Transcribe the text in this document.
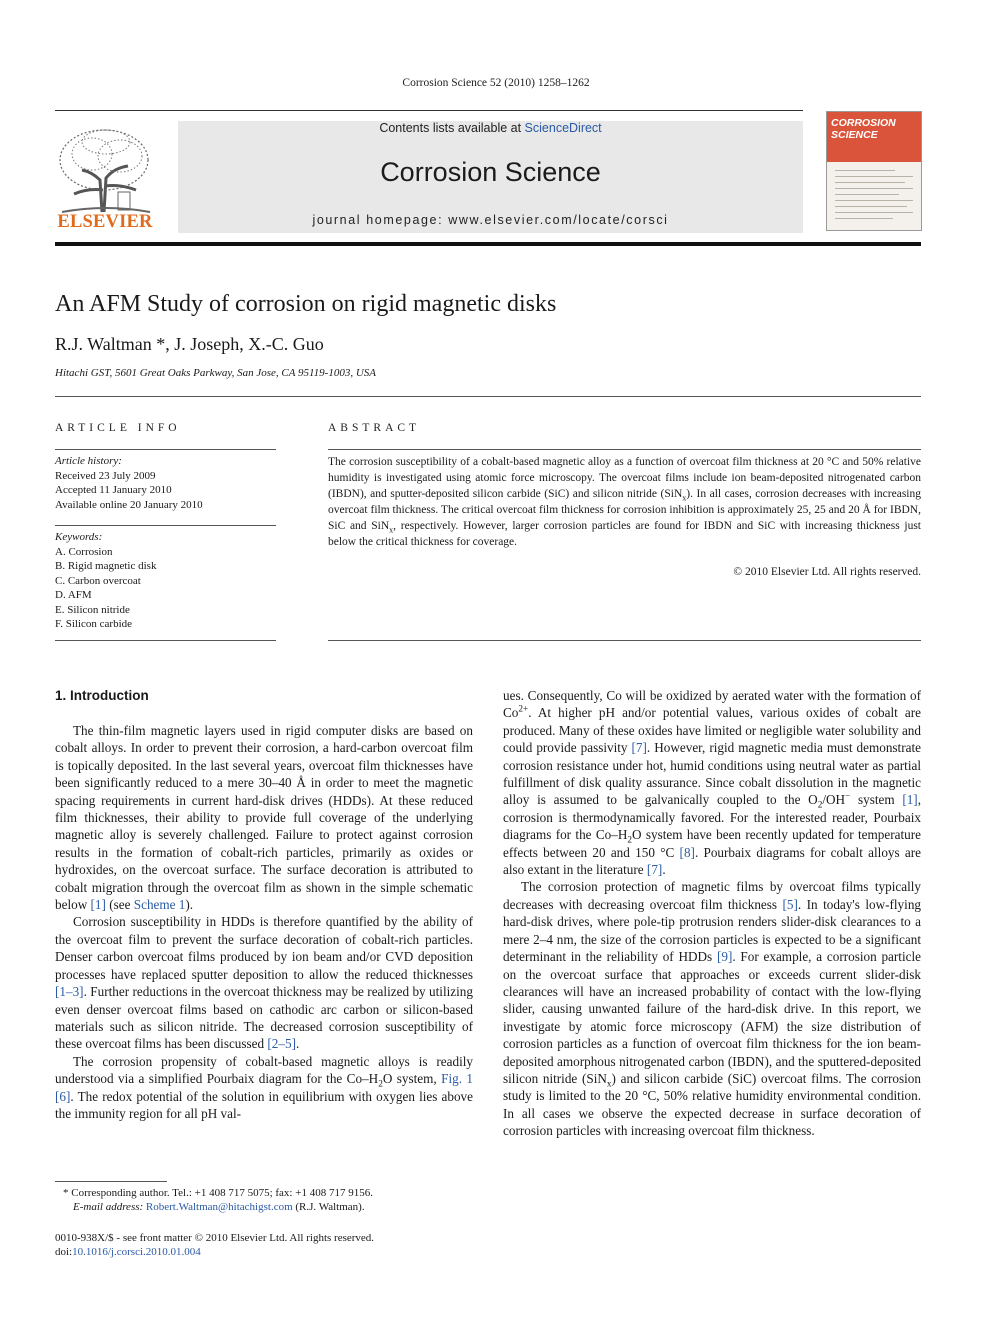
Corrosion Science 52 (2010) 1258–1262
ELSEVIER
Contents lists available at ScienceDirect
Corrosion Science
journal homepage: www.elsevier.com/locate/corsci
CORROSION
SCIENCE
An AFM Study of corrosion on rigid magnetic disks
R.J. Waltman *, J. Joseph, X.-C. Guo
Hitachi GST, 5601 Great Oaks Parkway, San Jose, CA 95119-1003, USA
ARTICLE INFO
Article history:
Received 23 July 2009
Accepted 11 January 2010
Available online 20 January 2010
Keywords:
A. Corrosion
B. Rigid magnetic disk
C. Carbon overcoat
D. AFM
E. Silicon nitride
F. Silicon carbide
ABSTRACT
The corrosion susceptibility of a cobalt-based magnetic alloy as a function of overcoat film thickness at 20 °C and 50% relative humidity is investigated using atomic force microscopy. The overcoat films include ion beam-deposited nitrogenated carbon (IBDN), and sputter-deposited silicon carbide (SiC) and silicon nitride (SiN$_x$). In all cases, corrosion decreases with increasing overcoat film thickness. The critical overcoat film thickness for corrosion inhibition is approximately 25, 25 and 20 Å for IBDN, SiC and SiN$_x$, respectively. However, larger corrosion particles are found for IBDN and SiC with increasing thickness just below the critical thickness for coverage.
© 2010 Elsevier Ltd. All rights reserved.
1. Introduction

The thin-film magnetic layers used in rigid computer disks are based on cobalt alloys. In order to prevent their corrosion, a hard-carbon overcoat film is topically deposited. In the last several years, overcoat film thicknesses have been significantly reduced to a mere 30–40 Å in order to meet the magnetic spacing requirements in current hard-disk drives (HDDs). At these reduced film thicknesses, their ability to provide full coverage of the underlying magnetic alloy is severely challenged. Failure to protect against corrosion results in the formation of cobalt-rich particles, primarily as oxides or hydroxides, on the overcoat surface. The surface decoration is attributed to cobalt migration through the overcoat film as shown in the simple schematic below [1] (see Scheme 1).

Corrosion susceptibility in HDDs is therefore quantified by the ability of the overcoat film to prevent the surface decoration of cobalt-rich particles. Denser carbon overcoat films produced by ion beam and/or CVD deposition processes have replaced sputter deposition to allow the reduced thicknesses [1–3]. Further reductions in the overcoat thickness may be realized by utilizing even denser overcoat films based on cathodic arc carbon or silicon-based materials such as silicon nitride. The decreased corrosion susceptibility of these overcoat films has been discussed [2–5].

The corrosion propensity of cobalt-based magnetic alloys is readily understood via a simplified Pourbaix diagram for the $Co-H_2O$ system, Fig. 1 [6]. The redox potential of the solution in equilibrium with oxygen lies above the immunity region for all pH val-

* Corresponding author. Tel.: +1 408 717 5075; fax: +1 408 717 9156.
E-mail address: Robert.Waltman@hitachigst.com (R.J. Waltman).
0010-938X/$ - see front matter © 2010 Elsevier Ltd. All rights reserved.
doi:10.1016/j.corsci.2010.01.004

ues. Consequently, Co will be oxidized by aerated water with the formation of $Co^{2+}$. At higher pH and/or potential values, various oxides of cobalt are produced. Many of these oxides have limited or negligible water solubility and could provide passivity [7]. However, rigid magnetic media must demonstrate corrosion resistance under hot, humid conditions using neutral water as partial fulfillment of disk quality assurance. Since cobalt dissolution in the magnetic alloy is assumed to be galvanically coupled to the $O_2/OH^-$ system [1], corrosion is thermodynamically favored. For the interested reader, Pourbaix diagrams for the $Co-H_2O$ system have been recently updated for temperature effects between 20 and 150 °C [8]. Pourbaix diagrams for cobalt alloys are also extant in the literature [7].

The corrosion protection of magnetic films by overcoat films typically decreases with decreasing overcoat film thickness [5]. In today's low-flying hard-disk drives, where pole-tip protrusion renders slider-disk clearances to a mere 2–4 nm, the size of the corrosion particles is expected to be a significant determinant in the reliability of HDDs [9]. For example, a corrosion particle on the overcoat surface that approaches or exceeds current slider-disk clearances will have an increased probability of contact with the low-flying slider, causing unwanted failure of the hard-disk drive. In this report, we investigate by atomic force microscopy (AFM) the size distribution of corrosion particles as a function of overcoat film thickness for the ion beam-deposited amorphous nitrogenated carbon (IBDN), and the sputtered-deposited silicon nitride (SiN$_x$) and silicon carbide (SiC) overcoat films. The corrosion study is limited to the 20 °C, 50% relative humidity environmental condition. In all cases we observe the expected decrease in surface decoration of corrosion particles with increasing overcoat film thickness.
